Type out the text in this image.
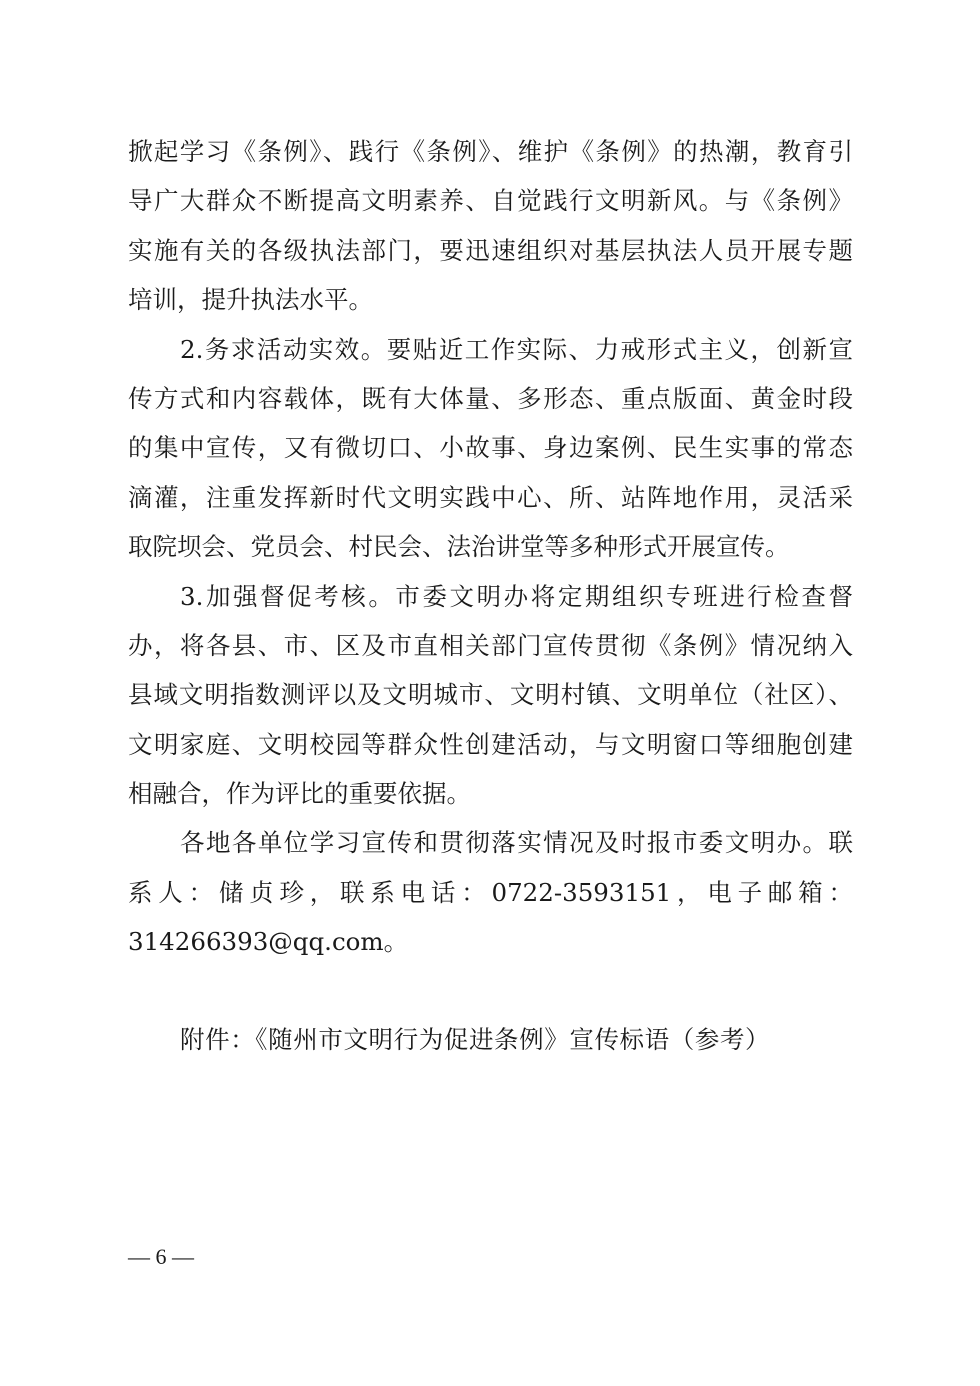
掀起学习《条例》、践行《条例》、维护《条例》的热潮，教育引
导广大群众不断提高文明素养、自觉践行文明新风。与《条例》
实施有关的各级执法部门，要迅速组织对基层执法人员开展专题
培训，提升执法水平。
2.务求活动实效。要贴近工作实际、力戒形式主义，创新宣
传方式和内容载体，既有大体量、多形态、重点版面、黄金时段
的集中宣传，又有微切口、小故事、身边案例、民生实事的常态
滴灌，注重发挥新时代文明实践中心、所、站阵地作用，灵活采
取院坝会、党员会、村民会、法治讲堂等多种形式开展宣传。
3.加强督促考核。市委文明办将定期组织专班进行检查督
办，将各县、市、区及市直相关部门宣传贯彻《条例》情况纳入
县域文明指数测评以及文明城市、文明村镇、文明单位（社区）、
文明家庭、文明校园等群众性创建活动，与文明窗口等细胞创建
相融合，作为评比的重要依据。
各地各单位学习宣传和贯彻落实情况及时报市委文明办。联
系人：储贞珍，联系电话：0722-3593151，电子邮箱：
314266393@qq.com。
附件：《随州市文明行为促进条例》宣传标语（参考）
— 6 —
